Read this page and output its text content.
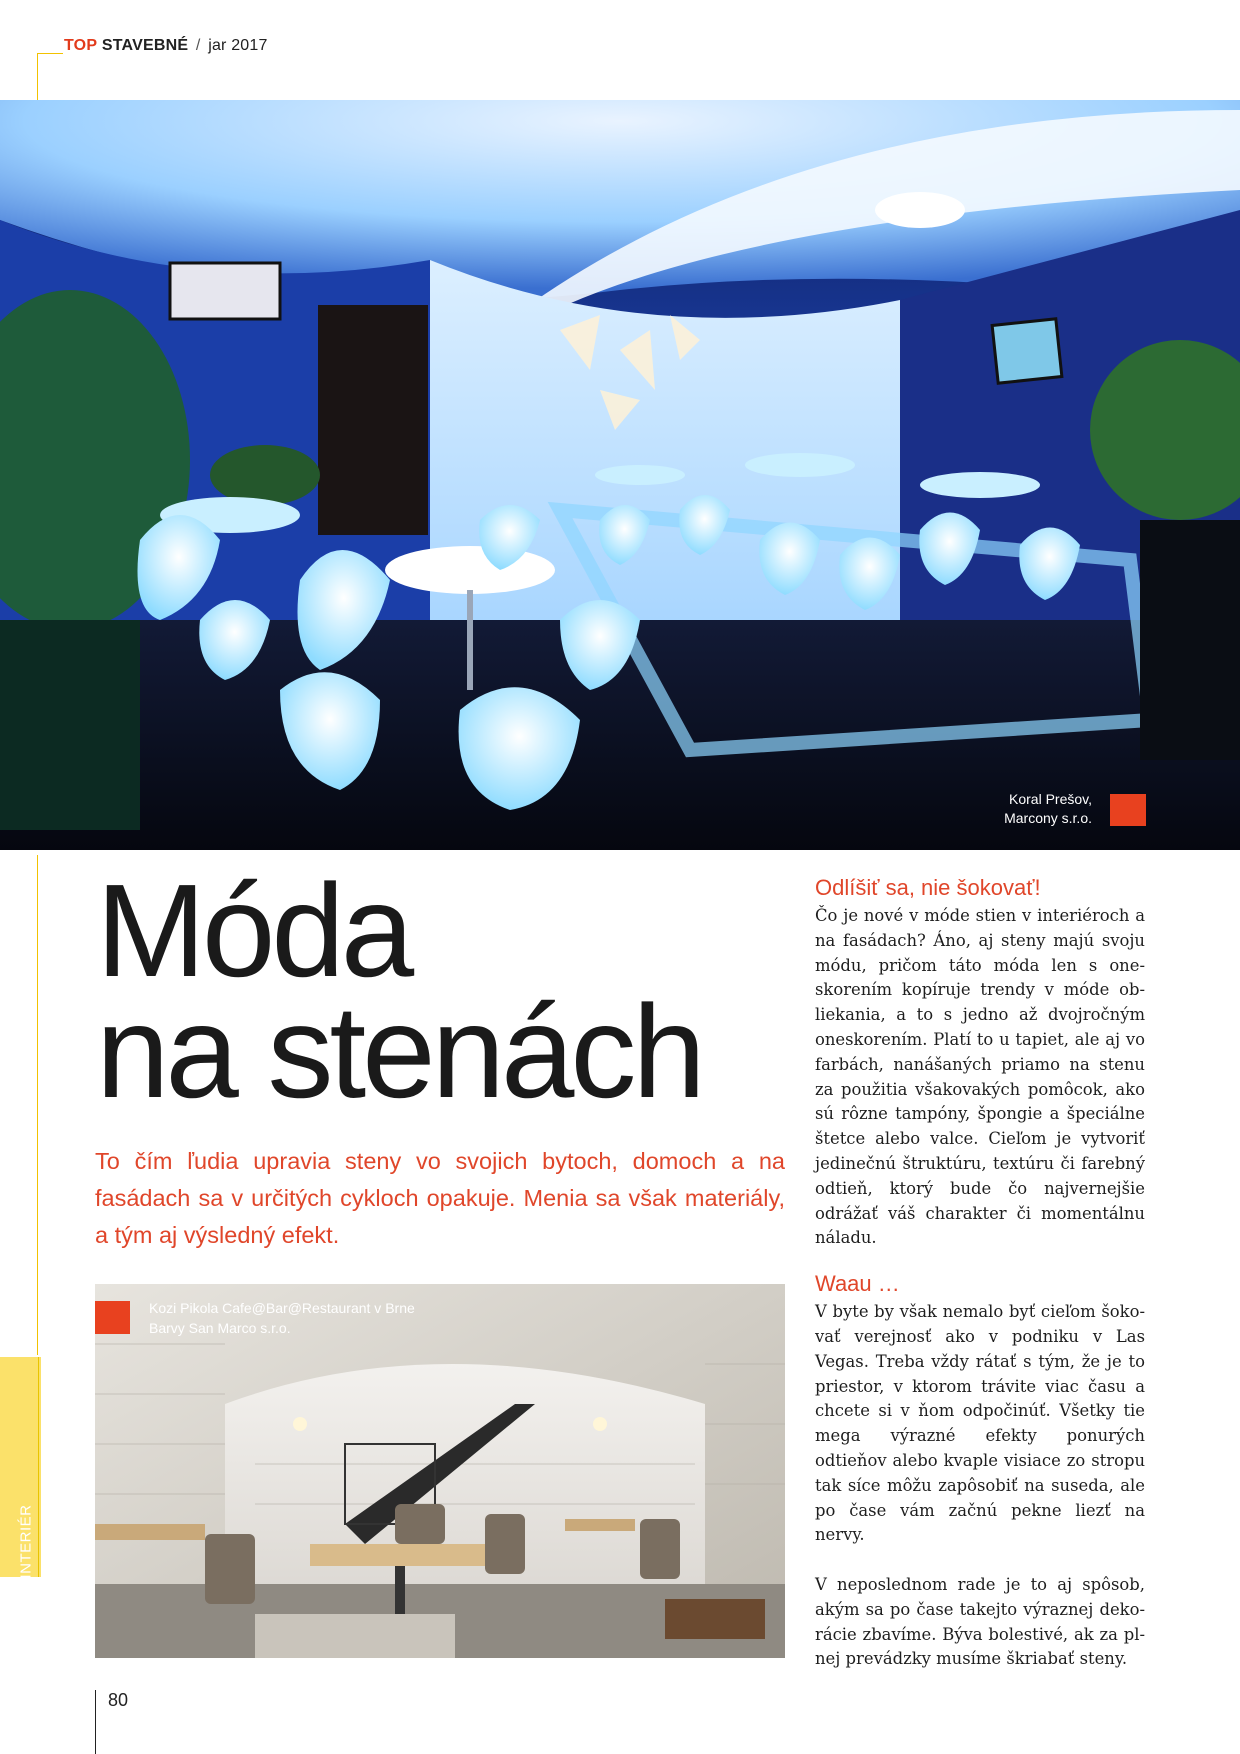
TOP STAVEBNÉ / jar 2017
Koral Prešov,
Marcony s.r.o.
INTERIÉR
Móda
na stenách
To čím ľudia upravia steny vo svojich bytoch, domoch a na fasádach sa v určitých cykloch opakuje. Menia sa však materiály, a tým aj výsledný efekt.
Kozi Pikola Cafe@Bar@Restaurant v Brne
Barvy San Marco s.r.o.
Odlíšiť sa, nie šokovať!

Čo je nové v móde stien v interiéroch a na fasádach? Áno, aj steny majú svoju módu, pričom táto móda len s oneskorením kopíruje trendy v móde obliekania, a to s jedno až dvojročným oneskorením. Platí to u tapiet, ale aj vo farbách, nanášaných priamo na stenu za použitia všakovakých pomôcok, ako sú rôzne tampóny, špongie a špeciálne štetce alebo valce. Cieľom je vytvoriť jedinečnú štruktúru, textúru či farebný odtieň, ktorý bude čo najvernejšie odrážať váš charakter či momentálnu náladu.

Waau …

V byte by však nemalo byť cieľom šokovať verejnosť ako v podniku v Las Vegas. Treba vždy rátať s tým, že je to priestor, v ktorom trávite viac času a chcete si v ňom odpočinúť. Všetky tie mega výrazné efekty ponurých odtieňov alebo kvaple visiace zo stropu tak síce môžu zapôsobiť na suseda, ale po čase vám začnú pekne liezť na nervy.

V neposlednom rade je to aj spôsob, akým sa po čase takejto výraznej dekorácie zbavíme. Býva bolestivé, ak za plnej prevádzky musíme škriabať steny.

80
